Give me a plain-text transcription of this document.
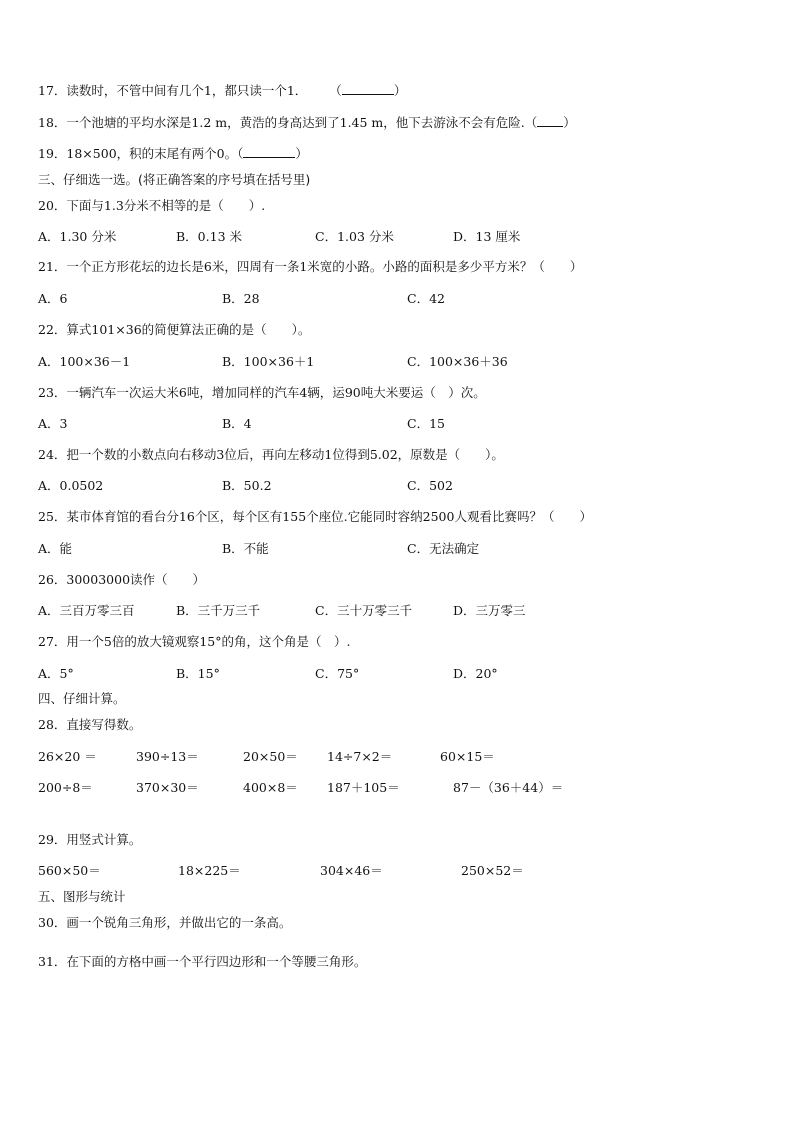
17．读数时，不管中间有几个1，都只读一个1． （	）
18．一个池塘的平均水深是1.2 m，黄浩的身高达到了1.45 m，他下去游泳不会有危险.（ ）
19．18×500，积的末尾有两个0。（	）
三、仔细选一选。(将正确答案的序号填在括号里)
20．下面与1.3分米不相等的是（　　）.
A．1.30 分米	B．0.13 米	C．1.03 分米	D．13 厘米
21．一个正方形花坛的边长是6米，四周有一条1米宽的小路。小路的面积是多少平方米？（　　）
A．6	B．28	C．42
22．算式101×36的简便算法正确的是（　　）。
A．100×36－1	B．100×36＋1	C．100×36＋36
23．一辆汽车一次运大米6吨，增加同样的汽车4辆，运90吨大米要运（　）次。
A．3	B．4	C．15
24．把一个数的小数点向右移动3位后，再向左移动1位得到5.02，原数是（　　）。
A．0.0502	B．50.2	C．502
25．某市体育馆的看台分16个区，每个区有155个座位.它能同时容纳2500人观看比赛吗？（　　）
A．能	B．不能	C．无法确定
26．30003000读作（　　）
A．三百万零三百	B．三千万三千	C．三十万零三千	D．三万零三
27．用一个5倍的放大镜观察15°的角，这个角是（　）.
A．5°	B．15°	C．75°	D．20°
四、仔细计算。
28．直接写得数。
26×20 ＝	390÷13＝	20×50＝ 14÷7×2＝	60×15＝
200÷8＝	370×30＝	400×8＝ 187＋105＝	87－（36＋44）＝
29．用竖式计算。
560×50＝	18×225＝	304×46＝	250×52＝
五、图形与统计
30．画一个锐角三角形，并做出它的一条高。
31．在下面的方格中画一个平行四边形和一个等腰三角形。
